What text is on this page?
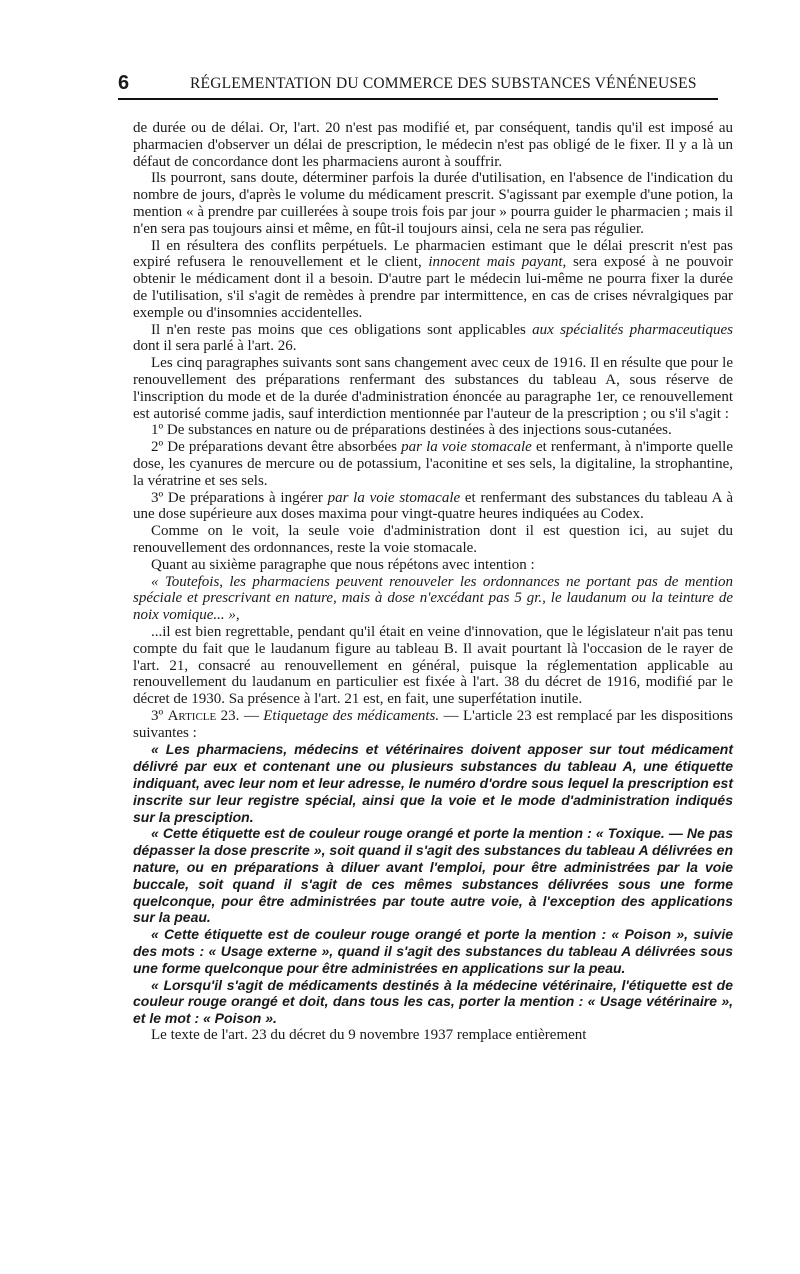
6	RÉGLEMENTATION DU COMMERCE DES SUBSTANCES VÉNÉNEUSES

de durée ou de délai. Or, l'art. 20 n'est pas modifié et, par conséquent, tandis qu'il est imposé au pharmacien d'observer un délai de prescription, le médecin n'est pas obligé de le fixer. Il y a là un défaut de concordance dont les pharmaciens auront à souffrir.

Ils pourront, sans doute, déterminer parfois la durée d'utilisation, en l'absence de l'indication du nombre de jours, d'après le volume du médicament prescrit. S'agissant par exemple d'une potion, la mention « à prendre par cuillerées à soupe trois fois par jour » pourra guider le pharmacien ; mais il n'en sera pas toujours ainsi et même, en fût-il toujours ainsi, cela ne sera pas régulier.

Il en résultera des conflits perpétuels. Le pharmacien estimant que le délai prescrit n'est pas expiré refusera le renouvellement et le client, innocent mais payant, sera exposé à ne pouvoir obtenir le médicament dont il a besoin. D'autre part le médecin lui-même ne pourra fixer la durée de l'utilisation, s'il s'agit de remèdes à prendre par intermittence, en cas de crises névralgiques par exemple ou d'insomnies accidentelles.

Il n'en reste pas moins que ces obligations sont applicables aux spécialités pharmaceutiques dont il sera parlé à l'art. 26.

Les cinq paragraphes suivants sont sans changement avec ceux de 1916. Il en résulte que pour le renouvellement des préparations renfermant des substances du tableau A, sous réserve de l'inscription du mode et de la durée d'administration énoncée au paragraphe 1er, ce renouvellement est autorisé comme jadis, sauf interdiction mentionnée par l'auteur de la prescription ; ou s'il s'agit :

1º De substances en nature ou de préparations destinées à des injections sous-cutanées.

2º De préparations devant être absorbées par la voie stomacale et renfermant, à n'importe quelle dose, les cyanures de mercure ou de potassium, l'aconitine et ses sels, la digitaline, la strophantine, la vératrine et ses sels.

3º De préparations à ingérer par la voie stomacale et renfermant des substances du tableau A à une dose supérieure aux doses maxima pour vingt-quatre heures indiquées au Codex.

Comme on le voit, la seule voie d'administration dont il est question ici, au sujet du renouvellement des ordonnances, reste la voie stomacale.

Quant au sixième paragraphe que nous répétons avec intention :

« Toutefois, les pharmaciens peuvent renouveler les ordonnances ne portant pas de mention spéciale et prescrivant en nature, mais à dose n'excédant pas 5 gr., le laudanum ou la teinture de noix vomique... »,

...il est bien regrettable, pendant qu'il était en veine d'innovation, que le législateur n'ait pas tenu compte du fait que le laudanum figure au tableau B. Il avait pourtant là l'occasion de le rayer de l'art. 21, consacré au renouvellement en général, puisque la réglementation applicable au renouvellement du laudanum en particulier est fixée à l'art. 38 du décret de 1916, modifié par le décret de 1930. Sa présence à l'art. 21 est, en fait, une superfétation inutile.

3º Article 23. — Etiquetage des médicaments. — L'article 23 est remplacé par les dispositions suivantes :

« Les pharmaciens, médecins et vétérinaires doivent apposer sur tout médicament délivré par eux et contenant une ou plusieurs substances du tableau A, une étiquette indiquant, avec leur nom et leur adresse, le numéro d'ordre sous lequel la prescription est inscrite sur leur registre spécial, ainsi que la voie et le mode d'administration indiqués sur la presciption.

« Cette étiquette est de couleur rouge orangé et porte la mention : « Toxique. — Ne pas dépasser la dose prescrite », soit quand il s'agit des substances du tableau A délivrées en nature, ou en préparations à diluer avant l'emploi, pour être administrées par la voie buccale, soit quand il s'agit de ces mêmes substances délivrées sous une forme quelconque, pour être administrées par toute autre voie, à l'exception des applications sur la peau.

« Cette étiquette est de couleur rouge orangé et porte la mention : « Poison », suivie des mots : « Usage externe », quand il s'agit des substances du tableau A délivrées sous une forme quelconque pour être administrées en applications sur la peau.

« Lorsqu'il s'agit de médicaments destinés à la médecine vétérinaire, l'étiquette est de couleur rouge orangé et doit, dans tous les cas, porter la mention : « Usage vétérinaire », et le mot : « Poison ».

Le texte de l'art. 23 du décret du 9 novembre 1937 remplace entièrement
